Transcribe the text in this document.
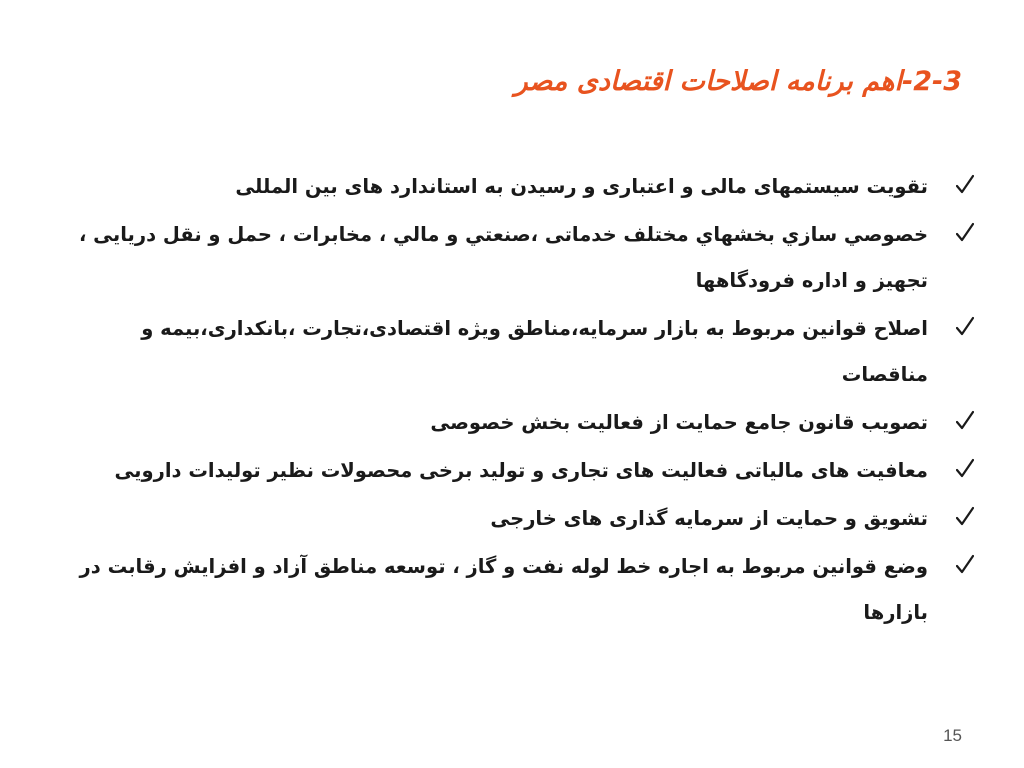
2-3-اهم برنامه اصلاحات اقتصادی مصر
تقویت سیستمهای مالی و اعتباری و رسیدن به استاندارد های بین المللی
خصوصي سازي بخشهاي مختلف خدماتی ،صنعتي و مالي ، مخابرات ، حمل و نقل دریایی ، تجهیز و اداره فرودگاهها
اصلاح قوانین مربوط به بازار سرمایه،مناطق ویژه اقتصادی،تجارت ،بانکداری،بیمه و مناقصات
تصویب قانون جامع حمایت از فعالیت بخش خصوصی
معافیت های مالیاتی فعالیت های تجاری و تولید برخی محصولات نظیر تولیدات دارویی
تشویق و حمایت از سرمایه گذاری های خارجی
وضع قوانین مربوط به اجاره خط لوله نفت و گاز ، توسعه مناطق آزاد و افزایش رقابت در بازارها
15
